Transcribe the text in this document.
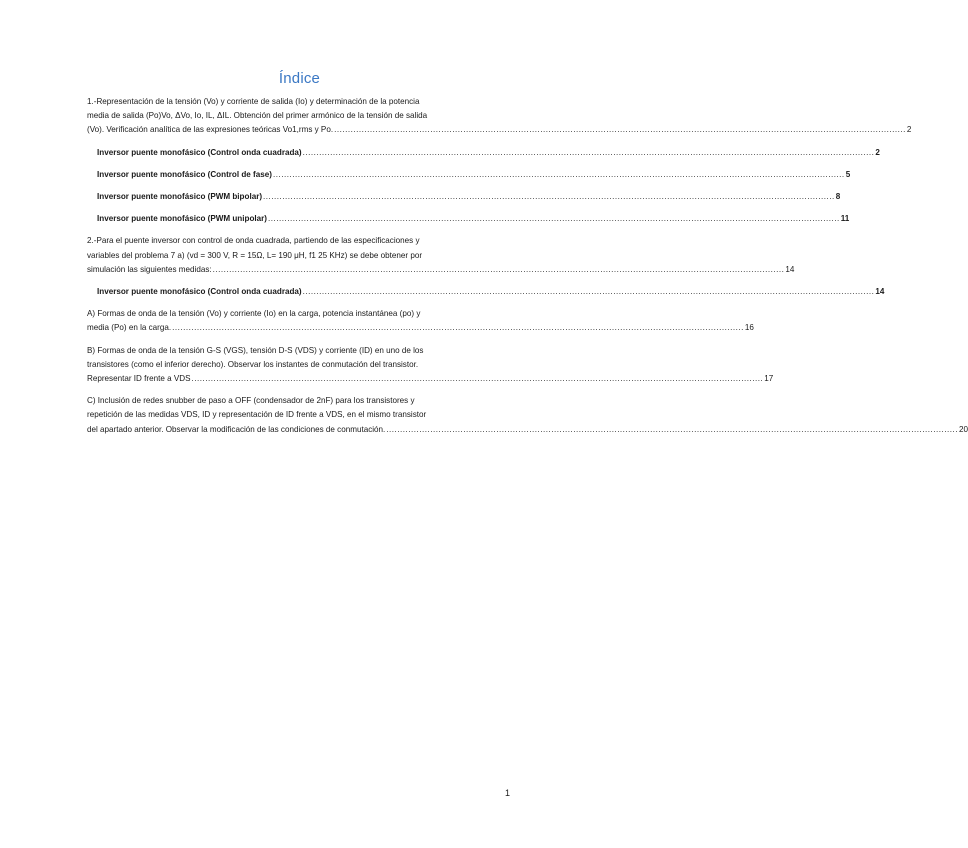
Índice
1.-Representación de la tensión (Vo) y corriente de salida (Io) y determinación de la potencia
media de salida (Po)Vo, ΔVo, Io, IL, ΔIL. Obtención del primer armónico de la tensión de salida
(Vo). Verificación analítica de las expresiones teóricas Vo1,rms y Po. .....	2
Inversor puente monofásico (Control onda cuadrada) .....	2
Inversor puente monofásico (Control de fase) .....	5
Inversor puente monofásico (PWM bipolar) .....	8
Inversor puente monofásico (PWM unipolar) .....	11
2.-Para el puente inversor con control de onda cuadrada, partiendo de las especificaciones y
variables del problema 7 a) (vd = 300 V, R = 15Ω, L= 190 μH, f1 25 KHz) se debe obtener por
simulación las siguientes medidas: .....	14
Inversor puente monofásico (Control onda cuadrada) .....	14
A) Formas de onda de la tensión (Vo) y corriente (Io) en la carga, potencia instantánea (po) y
media (Po) en la carga. .....	16
B) Formas de onda de la tensión G-S (VGS), tensión D-S (VDS) y corriente (ID) en uno de los
transistores (como el inferior derecho). Observar los instantes de conmutación del transistor.
Representar ID frente a VDS .....	17
C) Inclusión de redes snubber de paso a OFF (condensador de 2nF) para los transistores y
repetición de las medidas VDS, ID y representación de ID frente a VDS, en el mismo transistor
del apartado anterior. Observar la modificación de las condiciones de conmutación. .....	20
1
